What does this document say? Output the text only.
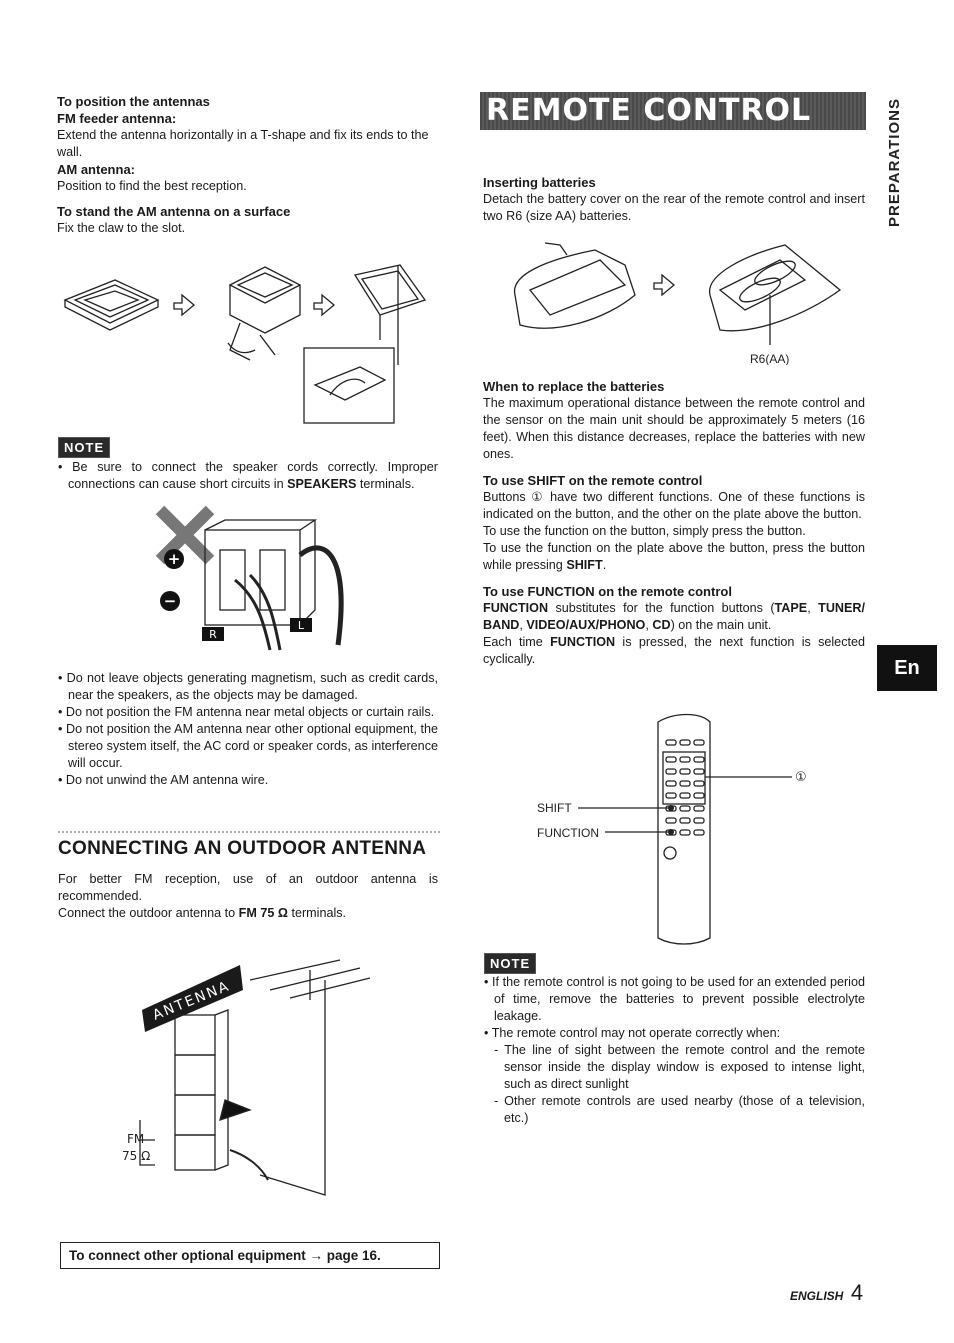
To position the antennas
FM feeder antenna:

Extend the antenna horizontally in a T-shape and fix its ends to the wall.

AM antenna:

Position to find the best reception.

To stand the AM antenna on a surface

Fix the claw to the slot.

NOTE
• Be sure to connect the speaker cords correctly. Improper connections can cause short circuits in SPEAKERS terminals.
+
−
R
L
• Do not leave objects generating magnetism, such as credit cards, near the speakers, as the objects may be damaged.
• Do not position the FM antenna near metal objects or curtain rails.
• Do not position the AM antenna near other optional equipment, the stereo system itself, the AC cord or speaker cords, as interference will occur.
• Do not unwind the AM antenna wire.
CONNECTING AN OUTDOOR ANTENNA

For better FM reception, use of an outdoor antenna is recommended.

Connect the outdoor antenna to FM 75 Ω terminals.

ANTENNA
FM
75 Ω
To connect other optional equipment → page 16.
REMOTE CONTROL
Inserting batteries

Detach the battery cover on the rear of the remote control and insert two R6 (size AA) batteries.

R6(AA)
When to replace the batteries

The maximum operational distance between the remote control and the sensor on the main unit should be approximately 5 meters (16 feet). When this distance decreases, replace the batteries with new ones.

To use SHIFT on the remote control

Buttons ① have two different functions. One of these functions is indicated on the button, and the other on the plate above the button.

To use the function on the button, simply press the button.

To use the function on the plate above the button, press the button while pressing SHIFT.

To use FUNCTION on the remote control

FUNCTION substitutes for the function buttons (TAPE, TUNER/ BAND, VIDEO/AUX/PHONO, CD) on the main unit.

Each time FUNCTION is pressed, the next function is selected cyclically.

①
SHIFT
FUNCTION
NOTE
• If the remote control is not going to be used for an extended period of time, remove the batteries to prevent possible electrolyte leakage.
• The remote control may not operate correctly when:
- The line of sight between the remote control and the remote sensor inside the display window is exposed to intense light, such as direct sunlight
- Other remote controls are used nearby (those of a television, etc.)
PREPARATIONS
En
ENGLISH 4
